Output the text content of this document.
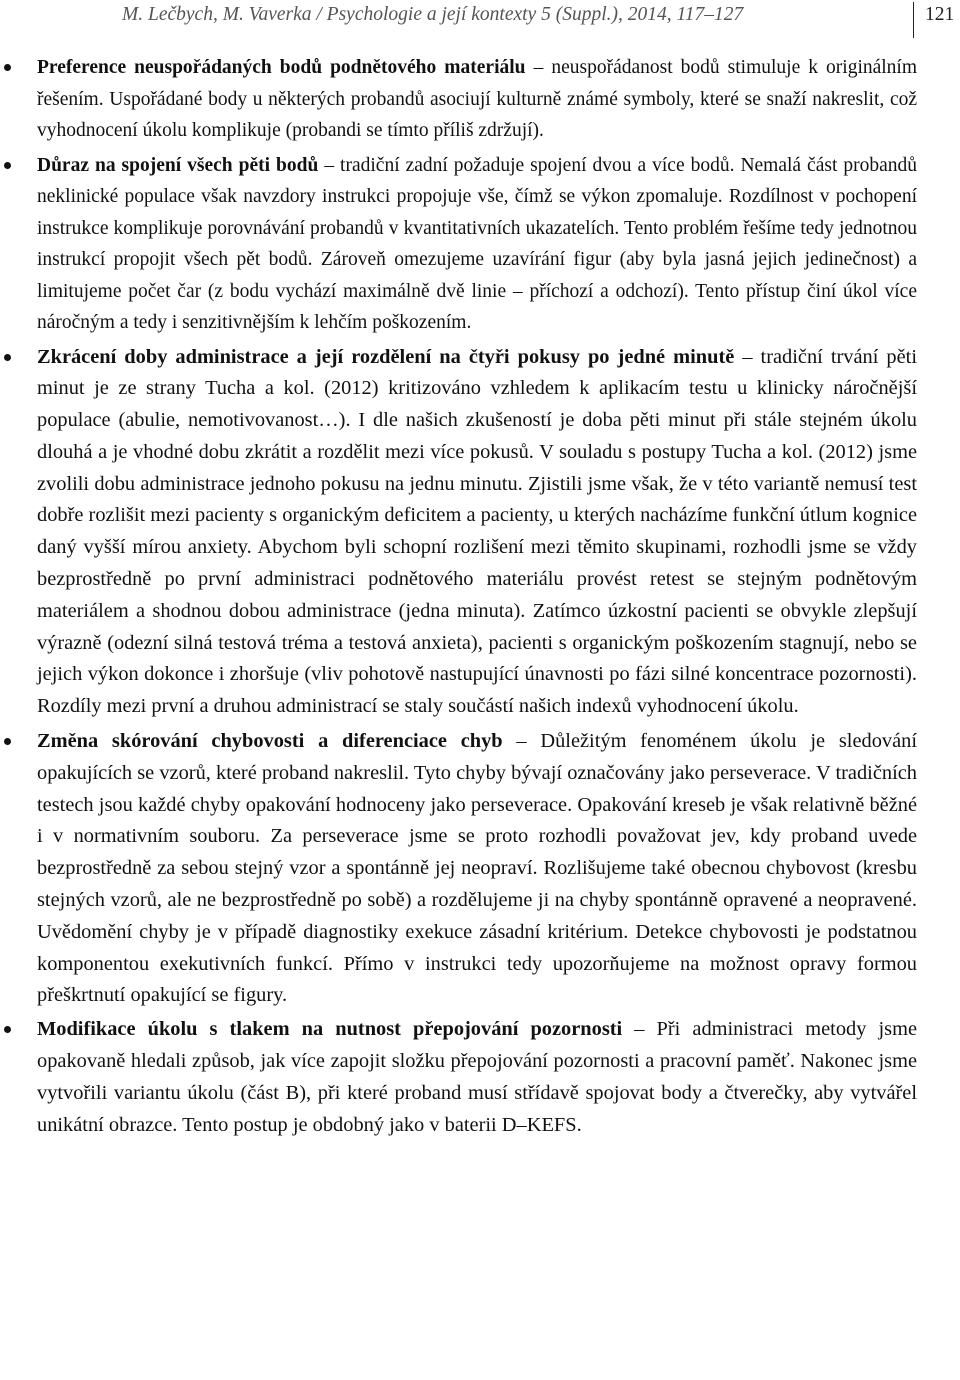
M. Lečbych, M. Vaverka / Psychologie a její kontexty 5 (Suppl.), 2014, 117–127	121
Preference neuspořádaných bodů podnětového materiálu – neuspořádanost bodů stimuluje k originálním řešením. Uspořádané body u některých probandů asociují kulturně známé symboly, které se snaží nakreslit, což vyhodnocení úkolu komplikuje (probandi se tímto příliš zdržují).
Důraz na spojení všech pěti bodů – tradiční zadní požaduje spojení dvou a více bodů. Nemalá část probandů neklinické populace však navzdory instrukci propojuje vše, čímž se výkon zpomaluje. Rozdílnost v pochopení instrukce komplikuje porovnávání probandů v kvantitativních ukazatelích. Tento problém řešíme tedy jednotnou instrukcí propojit všech pět bodů. Zároveň omezujeme uzavírání figur (aby byla jasná jejich jedinečnost) a limitujeme počet čar (z bodu vychází maximálně dvě linie – příchozí a odchozí). Tento přístup činí úkol více náročným a tedy i senzitivnějším k lehčím poškozením.
Zkrácení doby administrace a její rozdělení na čtyři pokusy po jedné minutě – tradiční trvání pěti minut je ze strany Tucha a kol. (2012) kritizováno vzhledem k aplikacím testu u klinicky náročnější populace (abulie, nemotivovanost…). I dle našich zkušeností je doba pěti minut při stále stejném úkolu dlouhá a je vhodné dobu zkrátit a rozdělit mezi více pokusů. V souladu s postupy Tucha a kol. (2012) jsme zvolili dobu administrace jednoho pokusu na jednu minutu. Zjistili jsme však, že v této variantě nemusí test dobře rozlišit mezi pacienty s organickým deficitem a pacienty, u kterých nacházíme funkční útlum kognice daný vyšší mírou anxiety. Abychom byli schopní rozlišení mezi těmito skupinami, rozhodli jsme se vždy bezprostředně po první administraci podnětového materiálu provést retest se stejným podnětovým materiálem a shodnou dobou administrace (jedna minuta). Zatímco úzkostní pacienti se obvykle zlepšují výrazně (odezní silná testová tréma a testová anxieta), pacienti s organickým poškozením stagnují, nebo se jejich výkon dokonce i zhoršuje (vliv pohotově nastupující únavnosti po fázi silné koncentrace pozornosti). Rozdíly mezi první a druhou administrací se staly součástí našich indexů vyhodnocení úkolu.
Změna skórování chybovosti a diferenciace chyb – Důležitým fenoménem úkolu je sledování opakujících se vzorů, které proband nakreslil. Tyto chyby bývají označovány jako perseverace. V tradičních testech jsou každé chyby opakování hodnoceny jako perseverace. Opakování kreseb je však relativně běžné i v normativním souboru. Za perseverace jsme se proto rozhodli považovat jev, kdy proband uvede bezprostředně za sebou stejný vzor a spontánně jej neopraví. Rozlišujeme také obecnou chybovost (kresbu stejných vzorů, ale ne bezprostředně po sobě) a rozdělujeme ji na chyby spontánně opravené a neopravené. Uvědomění chyby je v případě diagnostiky exekuce zásadní kritérium. Detekce chybovosti je podstatnou komponentou exekutivních funkcí. Přímo v instrukci tedy upozorňujeme na možnost opravy formou přeškrtnutí opakující se figury.
Modifikace úkolu s tlakem na nutnost přepojování pozornosti – Při administraci metody jsme opakovaně hledali způsob, jak více zapojit složku přepojování pozornosti a pracovní paměť. Nakonec jsme vytvořili variantu úkolu (část B), při které proband musí střídavě spojovat body a čtverečky, aby vytvářel unikátní obrazce. Tento postup je obdobný jako v baterii D–KEFS.
